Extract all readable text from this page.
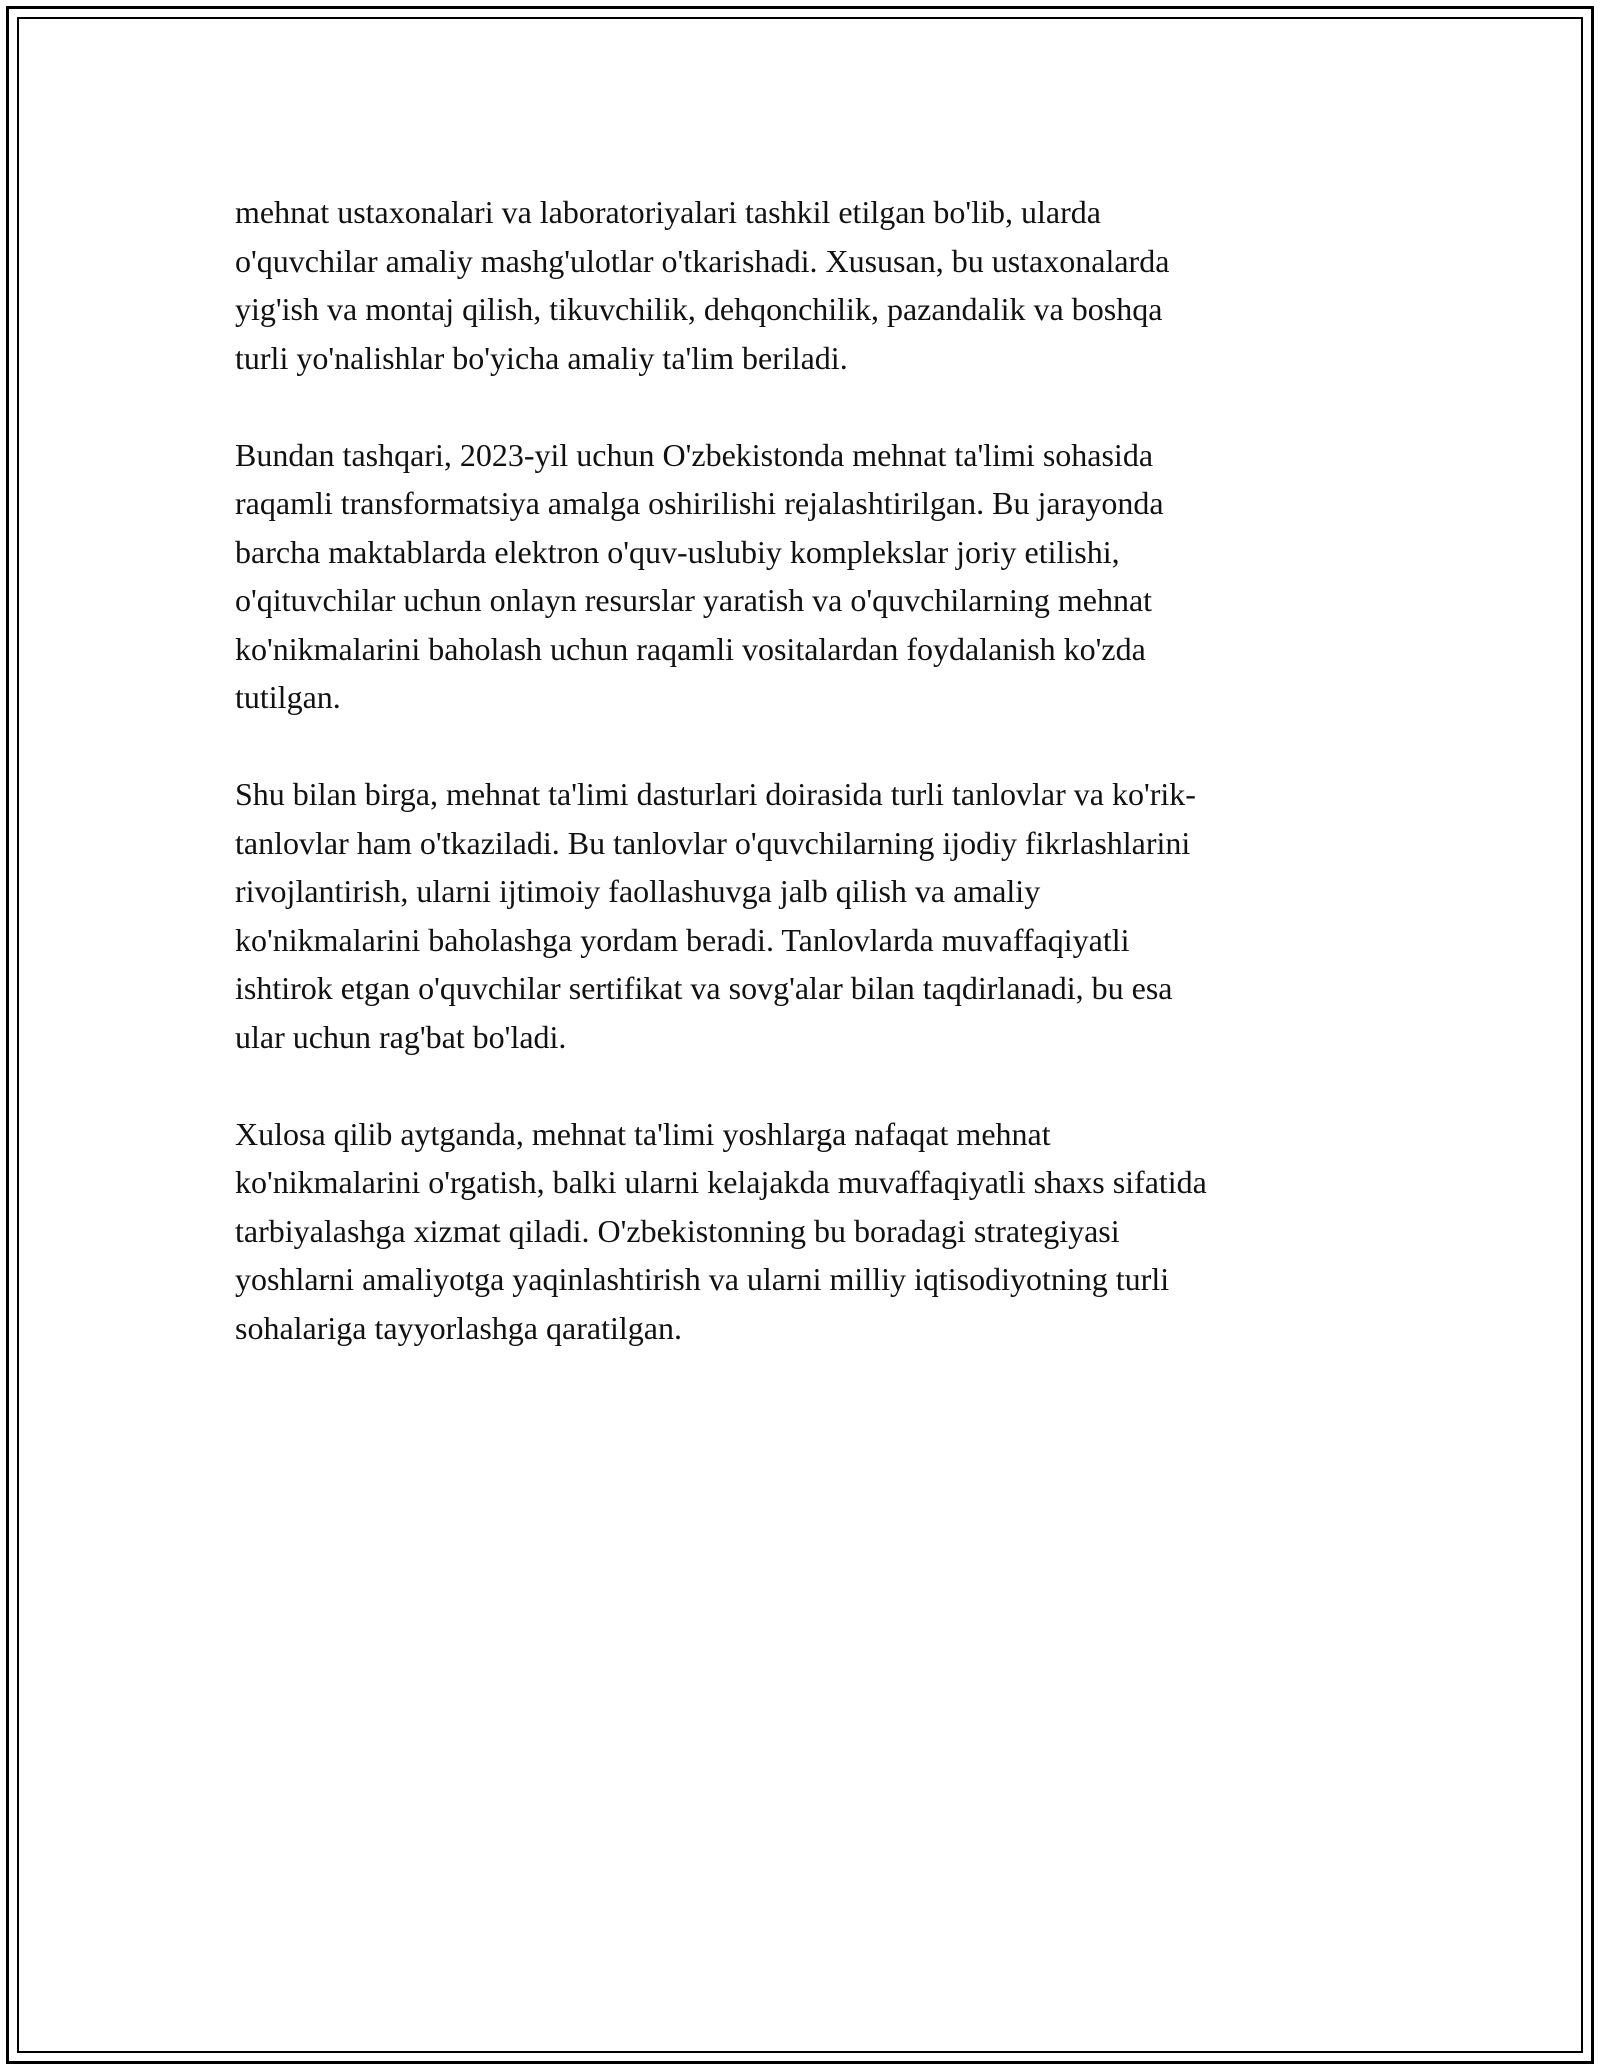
mehnat ustaxonalari va laboratoriyalari tashkil etilgan bo'lib, ularda
o'quvchilar amaliy mashg'ulotlar o'tkarishadi. Xususan, bu ustaxonalarda
yig'ish va montaj qilish, tikuvchilik, dehqonchilik, pazandalik va boshqa
turli yo'nalishlar bo'yicha amaliy ta'lim beriladi.

Bundan tashqari, 2023-yil uchun O'zbekistonda mehnat ta'limi sohasida
raqamli transformatsiya amalga oshirilishi rejalashtirilgan. Bu jarayonda
barcha maktablarda elektron o'quv-uslubiy komplekslar joriy etilishi,
o'qituvchilar uchun onlayn resurslar yaratish va o'quvchilarning mehnat
ko'nikmalarini baholash uchun raqamli vositalardan foydalanish ko'zda
tutilgan.

Shu bilan birga, mehnat ta'limi dasturlari doirasida turli tanlovlar va ko'rik-
tanlovlar ham o'tkaziladi. Bu tanlovlar o'quvchilarning ijodiy fikrlashlarini
rivojlantirish, ularni ijtimoiy faollashuvga jalb qilish va amaliy
ko'nikmalarini baholashga yordam beradi. Tanlovlarda muvaffaqiyatli
ishtirok etgan o'quvchilar sertifikat va sovg'alar bilan taqdirlanadi, bu esa
ular uchun rag'bat bo'ladi.

Xulosa qilib aytganda, mehnat ta'limi yoshlarga nafaqat mehnat
ko'nikmalarini o'rgatish, balki ularni kelajakda muvaffaqiyatli shaxs sifatida
tarbiyalashga xizmat qiladi. O'zbekistonning bu boradagi strategiyasi
yoshlarni amaliyotga yaqinlashtirish va ularni milliy iqtisodiyotning turli
sohalariga tayyorlashga qaratilgan.
